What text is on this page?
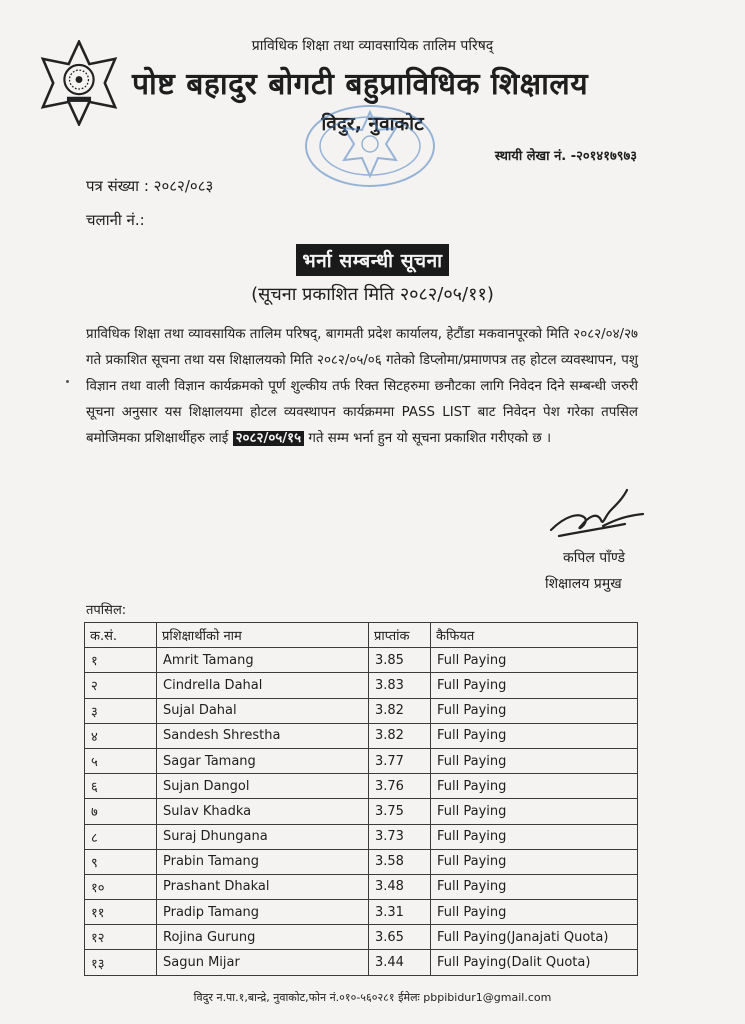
प्राविधिक शिक्षा तथा व्यावसायिक तालिम परिषद्
पोष्ट बहादुर बोगटी बहुप्राविधिक शिक्षालय
विदुर, नुवाकोट
स्थायी लेखा नं. -२०१४१७९७३
पत्र संख्या : २०८२/०८३
चलानी नं.:
भर्ना सम्बन्धी सूचना
(सूचना प्रकाशित मिति २०८२/०५/११)
प्राविधिक शिक्षा तथा व्यावसायिक तालिम परिषद्, बागमती प्रदेश कार्यालय, हेटौंडा मकवानपूरको मिति २०८२/०४/२७ गते प्रकाशित सूचना तथा यस शिक्षालयको मिति २०८२/०५/०६ गतेको डिप्लोमा/प्रमाणपत्र तह होटल व्यवस्थापन, पशु विज्ञान तथा वाली विज्ञान कार्यक्रमको पूर्ण शुल्कीय तर्फ रिक्त सिटहरुमा छनौटका लागि निवेदन दिने सम्बन्धी जरुरी सूचना अनुसार यस शिक्षालयमा होटल व्यवस्थापन कार्यक्रममा PASS LIST बाट निवेदन पेश गरेका तपसिल बमोजिमका प्रशिक्षार्थीहरु लाई २०८२/०५/१५ गते सम्म भर्ना हुन यो सूचना प्रकाशित गरीएको छ ।
कपिल पाँण्डे
शिक्षालय प्रमुख
तपसिल:
क.सं.	प्रशिक्षार्थीको नाम	प्राप्तांक	कैफियत
१	Amrit Tamang	3.85	Full Paying
२	Cindrella Dahal	3.83	Full Paying
३	Sujal Dahal	3.82	Full Paying
४	Sandesh Shrestha	3.82	Full Paying
५	Sagar Tamang	3.77	Full Paying
६	Sujan Dangol	3.76	Full Paying
७	Sulav Khadka	3.75	Full Paying
८	Suraj Dhungana	3.73	Full Paying
९	Prabin Tamang	3.58	Full Paying
१०	Prashant Dhakal	3.48	Full Paying
११	Pradip Tamang	3.31	Full Paying
१२	Rojina Gurung	3.65	Full Paying(Janajati Quota)
१३	Sagun Mijar	3.44	Full Paying(Dalit Quota)
विदुर न.पा.१,बान्द्रे, नुवाकोट,फोन नं.०१०-५६०२८१ ईमेलः pbpibidur1@gmail.com
